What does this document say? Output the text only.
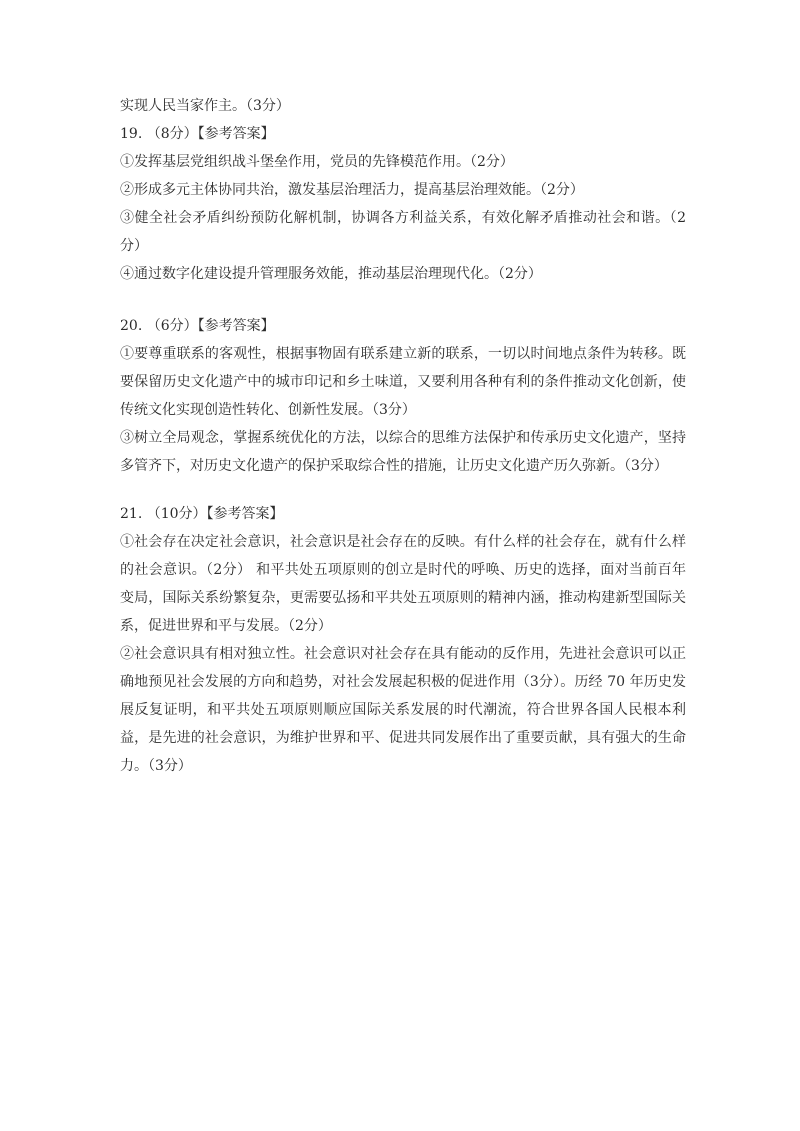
实现人民当家作主。（3分）

19. （8分）【参考答案】

①发挥基层党组织战斗堡垒作用，党员的先锋模范作用。（2分）

②形成多元主体协同共治，激发基层治理活力，提高基层治理效能。（2分）

③健全社会矛盾纠纷预防化解机制，协调各方利益关系，有效化解矛盾推动社会和谐。（2分）

④通过数字化建设提升管理服务效能，推动基层治理现代化。（2分）

20. （6分）【参考答案】

①要尊重联系的客观性，根据事物固有联系建立新的联系，一切以时间地点条件为转移。既要保留历史文化遗产中的城市印记和乡土味道，又要利用各种有利的条件推动文化创新，使传统文化实现创造性转化、创新性发展。（3分）

③树立全局观念，掌握系统优化的方法，以综合的思维方法保护和传承历史文化遗产，坚持多管齐下，对历史文化遗产的保护采取综合性的措施，让历史文化遗产历久弥新。（3分）

21. （10分）【参考答案】

①社会存在决定社会意识，社会意识是社会存在的反映。有什么样的社会存在，就有什么样的社会意识。（2分） 和平共处五项原则的创立是时代的呼唤、历史的选择，面对当前百年变局，国际关系纷繁复杂，更需要弘扬和平共处五项原则的精神内涵，推动构建新型国际关系，促进世界和平与发展。（2分）

②社会意识具有相对独立性。社会意识对社会存在具有能动的反作用，先进社会意识可以正确地预见社会发展的方向和趋势，对社会发展起积极的促进作用（3分）。历经 70 年历史发展反复证明，和平共处五项原则顺应国际关系发展的时代潮流，符合世界各国人民根本利益，是先进的社会意识，为维护世界和平、促进共同发展作出了重要贡献，具有强大的生命力。（3分）
